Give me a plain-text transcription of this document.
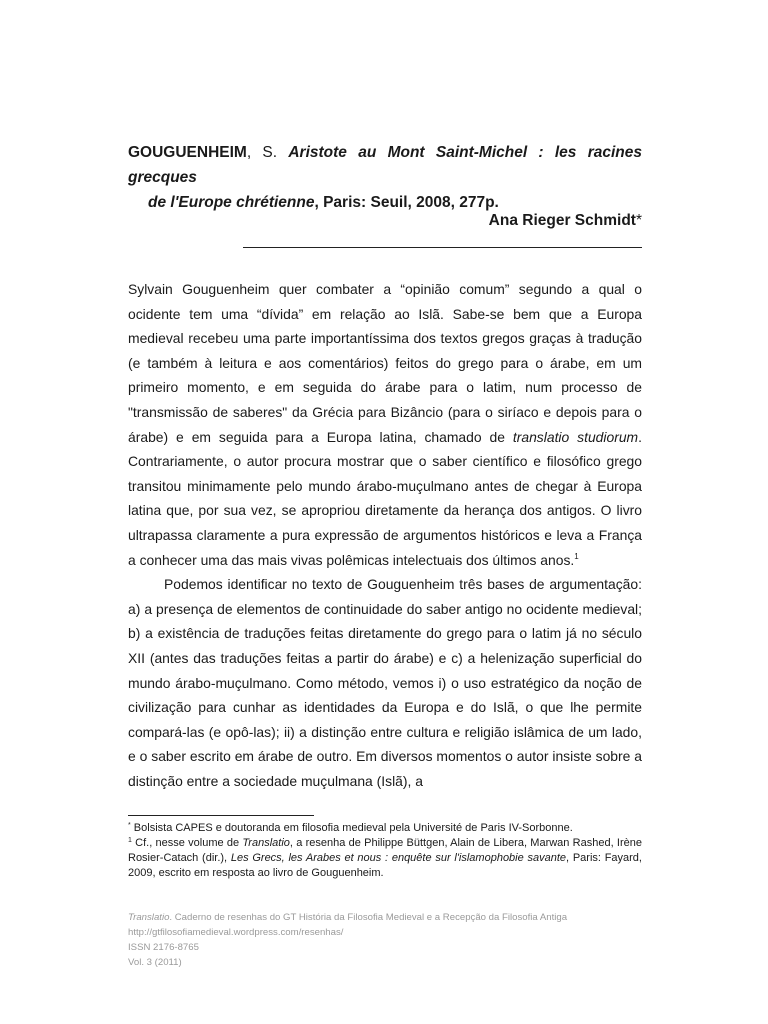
GOUGUENHEIM, S. Aristote au Mont Saint-Michel : les racines grecques
de l'Europe chrétienne, Paris: Seuil, 2008, 277p.
Ana Rieger Schmidt*

Sylvain Gouguenheim quer combater a “opinião comum” segundo a qual o ocidente tem uma “dívida” em relação ao Islã. Sabe-se bem que a Europa medieval recebeu uma parte importantíssima dos textos gregos graças à tradução (e também à leitura e aos comentários) feitos do grego para o árabe, em um primeiro momento, e em seguida do árabe para o latim, num processo de "transmissão de saberes" da Grécia para Bizâncio (para o siríaco e depois para o árabe) e em seguida para a Europa latina, chamado de translatio studiorum. Contrariamente, o autor procura mostrar que o saber científico e filosófico grego transitou minimamente pelo mundo árabo-muçulmano antes de chegar à Europa latina que, por sua vez, se apropriou diretamente da herança dos antigos. O livro ultrapassa claramente a pura expressão de argumentos históricos e leva a França a conhecer uma das mais vivas polêmicas intelectuais dos últimos anos.$^1$

Podemos identificar no texto de Gouguenheim três bases de argumentação: a) a presença de elementos de continuidade do saber antigo no ocidente medieval; b) a existência de traduções feitas diretamente do grego para o latim já no século XII (antes das traduções feitas a partir do árabe) e c) a helenização superficial do mundo árabo-muçulmano. Como método, vemos i) o uso estratégico da noção de civilização para cunhar as identidades da Europa e do Islã, o que lhe permite compará-las (e opô-las); ii) a distinção entre cultura e religião islâmica de um lado, e o saber escrito em árabe de outro. Em diversos momentos o autor insiste sobre a distinção entre a sociedade muçulmana (Islã), a

* Bolsista CAPES e doutoranda em filosofia medieval pela Université de Paris IV-Sorbonne.

$^1$ Cf., nesse volume de Translatio, a resenha de Philippe Büttgen, Alain de Libera, Marwan Rashed, Irène Rosier-Catach (dir.), Les Grecs, les Arabes et nous : enquête sur l'islamophobie savante, Paris: Fayard, 2009, escrito em resposta ao livro de Gouguenheim.

Translatio. Caderno de resenhas do GT História da Filosofia Medieval e a Recepção da Filosofia Antiga
http://gtfilosofiamedieval.wordpress.com/resenhas/
ISSN 2176-8765
Vol. 3 (2011)
